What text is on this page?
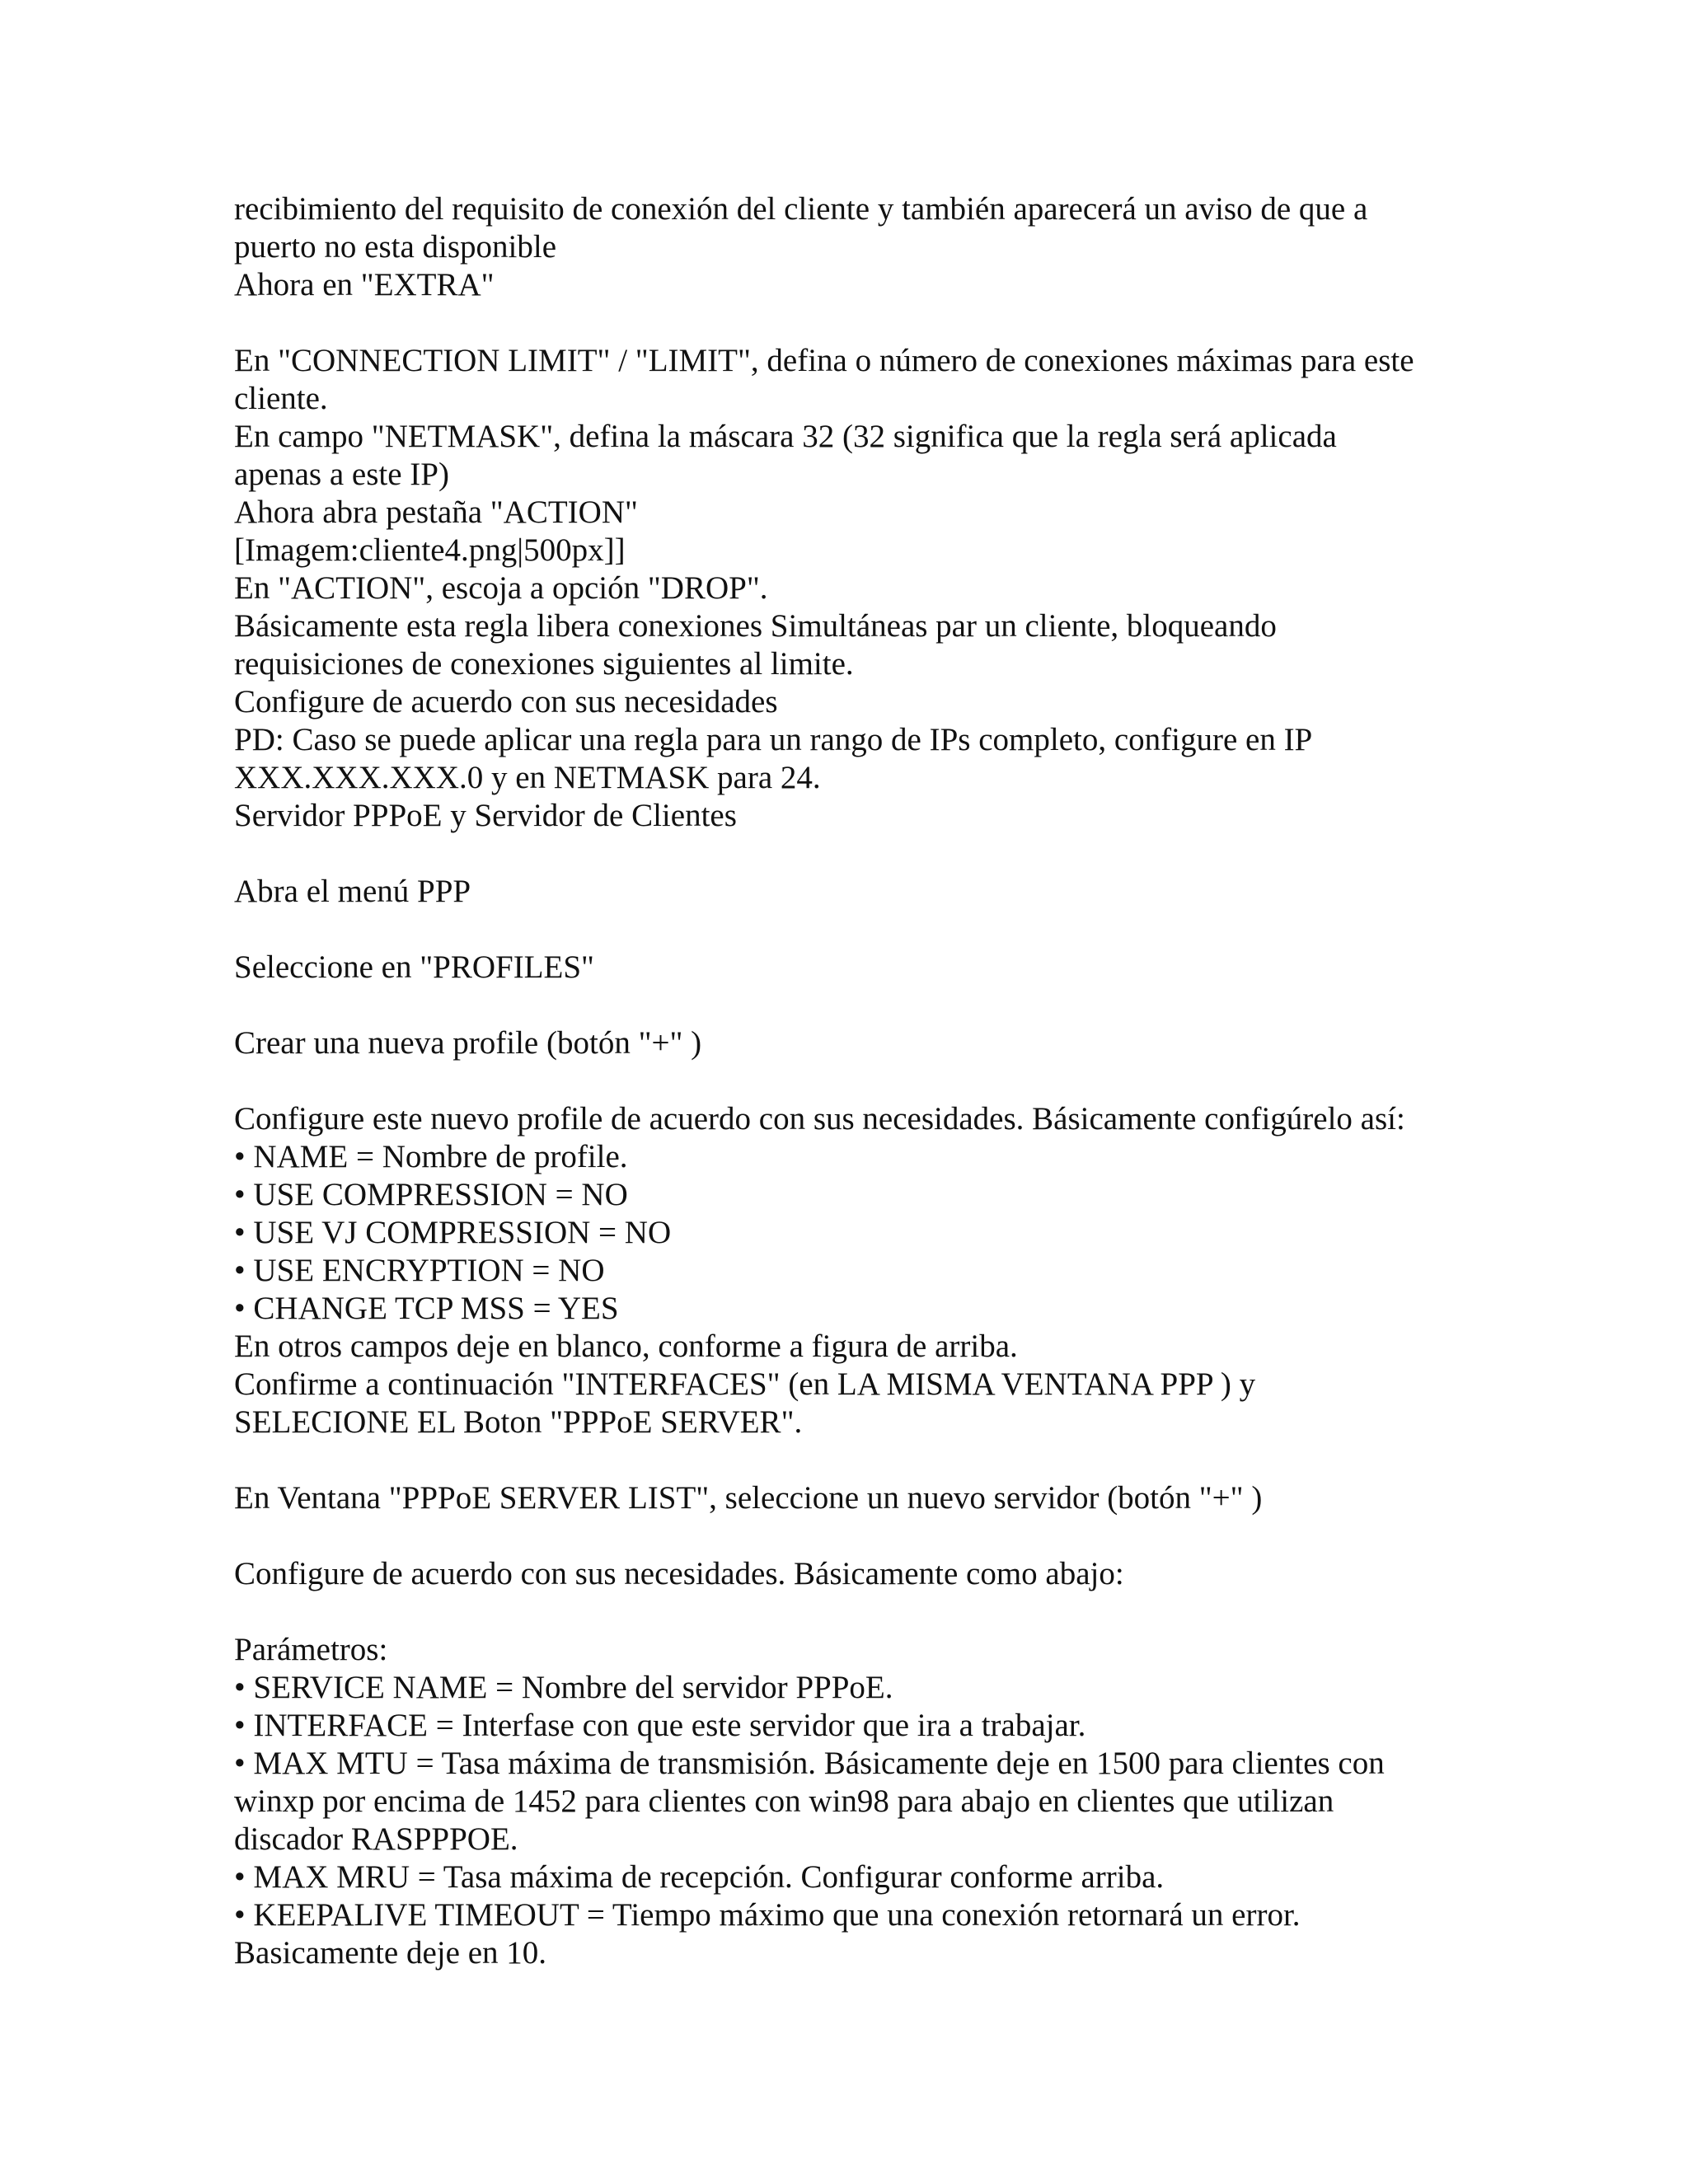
recibimiento del requisito de conexión del cliente y también aparecerá un aviso de que a
puerto no esta disponible
Ahora en "EXTRA"
En "CONNECTION LIMIT" / "LIMIT", defina o número de conexiones máximas para este
cliente.
En campo "NETMASK", defina la máscara 32 (32 significa que la regla será aplicada
apenas a este IP)
Ahora abra pestaña "ACTION"
[Imagem:cliente4.png|500px]]
En "ACTION", escoja a opción "DROP".
Básicamente esta regla libera conexiones Simultáneas par un cliente, bloqueando
requisiciones de conexiones siguientes al limite.
Configure de acuerdo con sus necesidades
PD: Caso se puede aplicar una regla para un rango de IPs completo, configure en IP
XXX.XXX.XXX.0 y en NETMASK para 24.
Servidor PPPoE y Servidor de Clientes
Abra el menú PPP
Seleccione en "PROFILES"
Crear una nueva profile (botón "+" )
Configure este nuevo profile de acuerdo con sus necesidades. Básicamente configúrelo así:
• NAME = Nombre de profile.
• USE COMPRESSION = NO
• USE VJ COMPRESSION = NO
• USE ENCRYPTION = NO
• CHANGE TCP MSS = YES
En otros campos deje en blanco, conforme a figura de arriba.
Confirme a continuación "INTERFACES" (en LA MISMA VENTANA PPP ) y
SELECIONE EL Boton "PPPoE SERVER".
En Ventana "PPPoE SERVER LIST", seleccione un nuevo servidor (botón "+" )
Configure de acuerdo con sus necesidades. Básicamente como abajo:
Parámetros:
• SERVICE NAME = Nombre del servidor PPPoE.
• INTERFACE = Interfase con que este servidor que ira a trabajar.
• MAX MTU = Tasa máxima de transmisión. Básicamente deje en 1500 para clientes con
winxp por encima de 1452 para clientes con win98 para abajo en clientes que utilizan
discador RASPPPOE.
• MAX MRU = Tasa máxima de recepción. Configurar conforme arriba.
• KEEPALIVE TIMEOUT = Tiempo máximo que una conexión retornará un error.
Basicamente deje en 10.
